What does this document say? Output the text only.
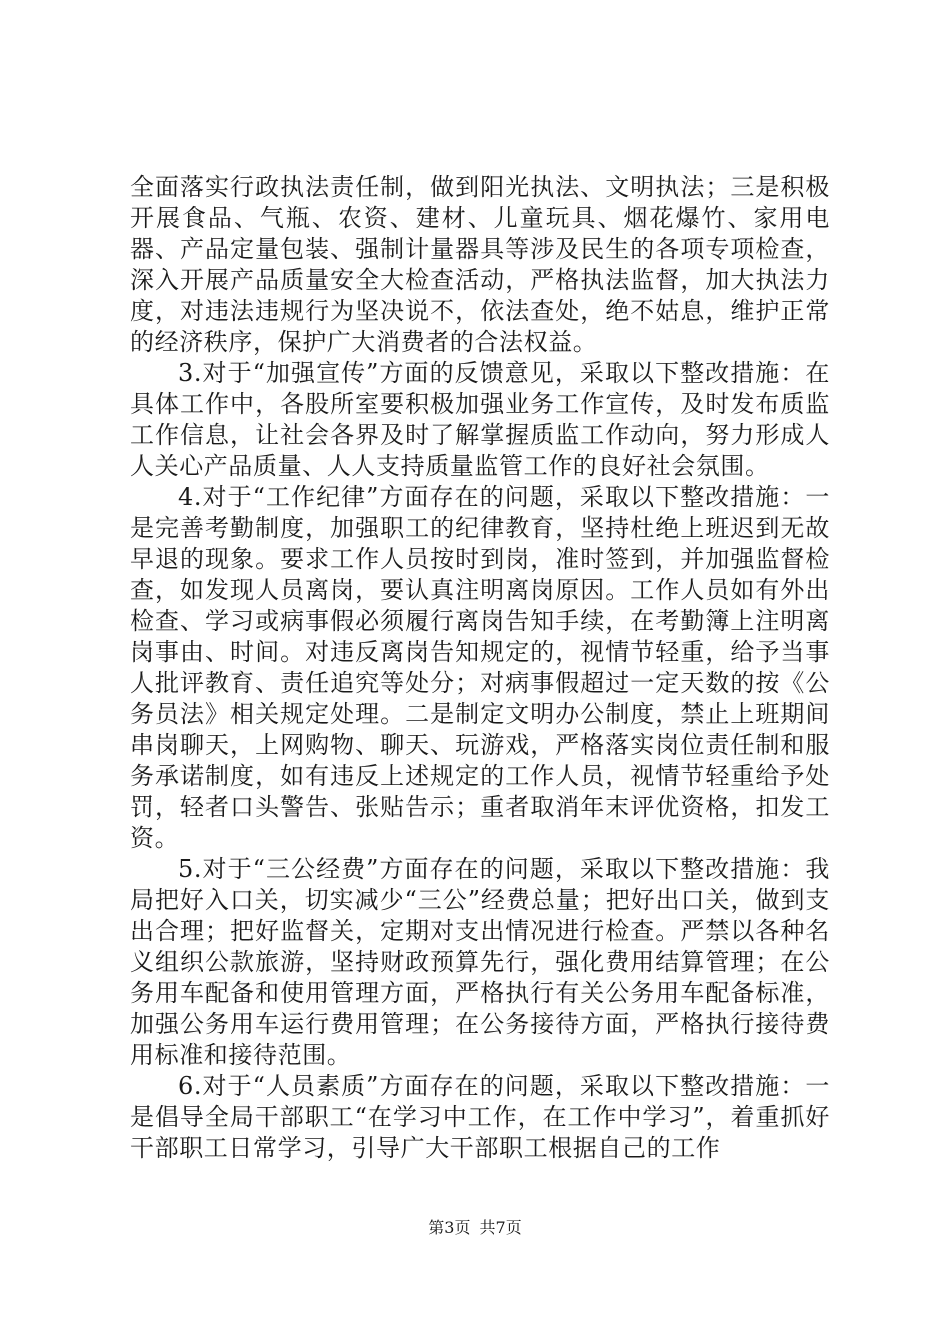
全面落实行政执法责任制，做到阳光执法、文明执法；三是积极开展食品、气瓶、农资、建材、儿童玩具、烟花爆竹、家用电器、产品定量包装、强制计量器具等涉及民生的各项专项检查，深入开展产品质量安全大检查活动，严格执法监督，加大执法力度，对违法违规行为坚决说不，依法查处，绝不姑息，维护正常的经济秩序，保护广大消费者的合法权益。

3.对于“加强宣传”方面的反馈意见，采取以下整改措施：在具体工作中，各股所室要积极加强业务工作宣传，及时发布质监工作信息，让社会各界及时了解掌握质监工作动向，努力形成人人关心产品质量、人人支持质量监管工作的良好社会氛围。

4.对于“工作纪律”方面存在的问题，采取以下整改措施：一是完善考勤制度，加强职工的纪律教育，坚持杜绝上班迟到无故早退的现象。要求工作人员按时到岗，准时签到，并加强监督检查，如发现人员离岗，要认真注明离岗原因。工作人员如有外出检查、学习或病事假必须履行离岗告知手续，在考勤簿上注明离岗事由、时间。对违反离岗告知规定的，视情节轻重，给予当事人批评教育、责任追究等处分；对病事假超过一定天数的按《公务员法》相关规定处理。二是制定文明办公制度，禁止上班期间串岗聊天，上网购物、聊天、玩游戏，严格落实岗位责任制和服务承诺制度，如有违反上述规定的工作人员，视情节轻重给予处罚，轻者口头警告、张贴告示；重者取消年末评优资格，扣发工资。

5.对于“三公经费”方面存在的问题，采取以下整改措施：我局把好入口关，切实减少“三公”经费总量；把好出口关，做到支出合理；把好监督关，定期对支出情况进行检查。严禁以各种名义组织公款旅游，坚持财政预算先行，强化费用结算管理；在公务用车配备和使用管理方面，严格执行有关公务用车配备标准，加强公务用车运行费用管理；在公务接待方面，严格执行接待费用标准和接待范围。

6.对于“人员素质”方面存在的问题，采取以下整改措施：一是倡导全局干部职工“在学习中工作，在工作中学习”，着重抓好干部职工日常学习，引导广大干部职工根据自己的工作

第3页 共7页
